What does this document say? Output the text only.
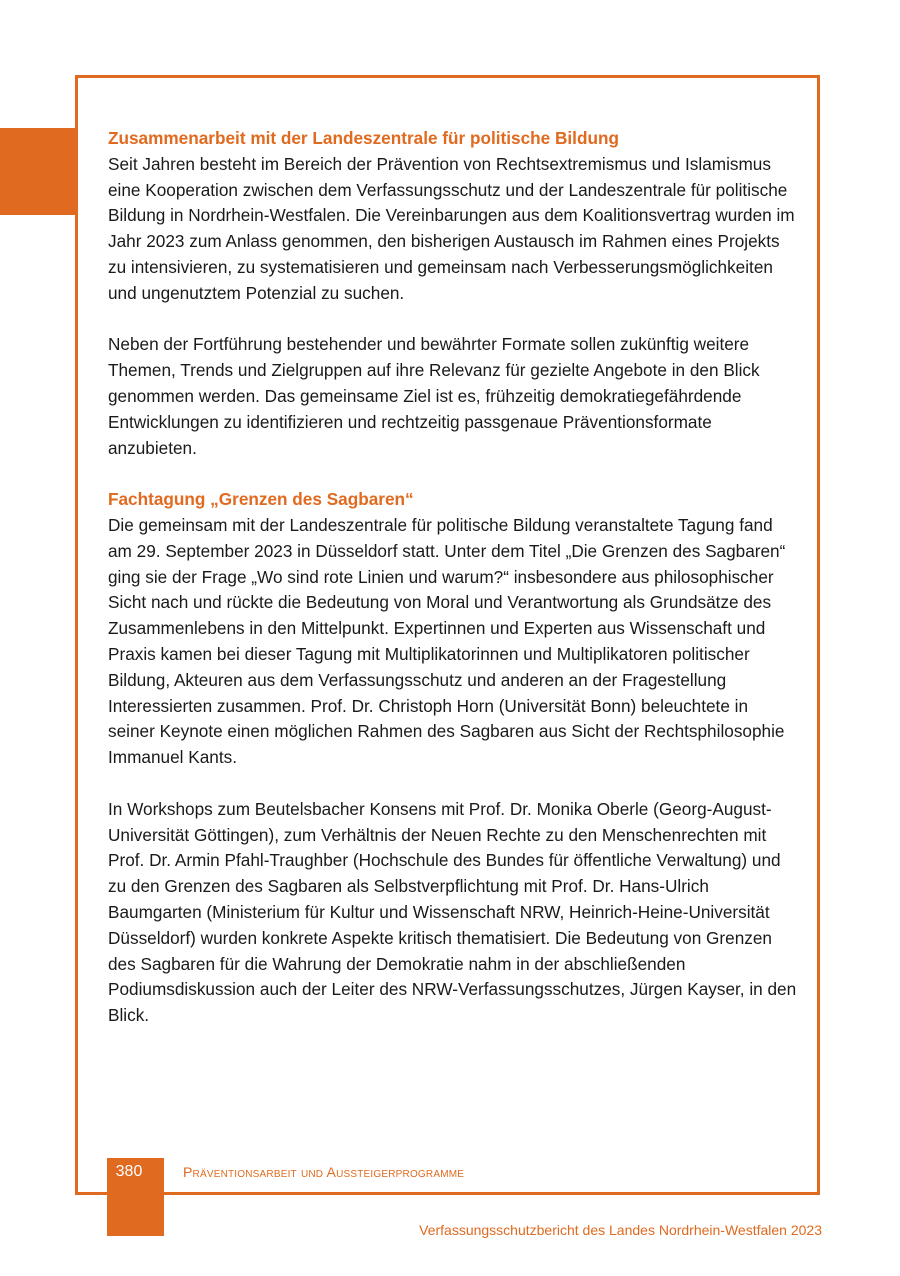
Zusammenarbeit mit der Landeszentrale für politische Bildung

Seit Jahren besteht im Bereich der Prävention von Rechtsextremismus und Islamismus eine Kooperation zwischen dem Verfassungsschutz und der Landeszentrale für politische Bildung in Nordrhein-Westfalen. Die Vereinbarungen aus dem Koalitionsvertrag wurden im Jahr 2023 zum Anlass genommen, den bisherigen Austausch im Rahmen eines Projekts zu intensivieren, zu systematisieren und gemeinsam nach Verbesserungsmöglichkeiten und ungenutztem Potenzial zu suchen.

Neben der Fortführung bestehender und bewährter Formate sollen zukünftig weitere Themen, Trends und Zielgruppen auf ihre Relevanz für gezielte Angebote in den Blick genommen werden. Das gemeinsame Ziel ist es, frühzeitig demokratiegefährdende Entwicklungen zu identifizieren und rechtzeitig passgenaue Präventionsformate anzubieten.

Fachtagung „Grenzen des Sagbaren“

Die gemeinsam mit der Landeszentrale für politische Bildung veranstaltete Tagung fand am 29. September 2023 in Düsseldorf statt. Unter dem Titel „Die Grenzen des Sagbaren“ ging sie der Frage „Wo sind rote Linien und warum?“ insbesondere aus philosophischer Sicht nach und rückte die Bedeutung von Moral und Verantwortung als Grundsätze des Zusammenlebens in den Mittelpunkt. Expertinnen und Experten aus Wissenschaft und Praxis kamen bei dieser Tagung mit Multiplikatorinnen und Multiplikatoren politischer Bildung, Akteuren aus dem Verfassungsschutz und anderen an der Fragestellung Interessierten zusammen. Prof. Dr. Christoph Horn (Universität Bonn) beleuchtete in seiner Keynote einen möglichen Rahmen des Sagbaren aus Sicht der Rechtsphilosophie Immanuel Kants.

In Workshops zum Beutelsbacher Konsens mit Prof. Dr. Monika Oberle (Georg-August-Universität Göttingen), zum Verhältnis der Neuen Rechte zu den Menschenrechten mit Prof. Dr. Armin Pfahl-Traughber (Hochschule des Bundes für öffentliche Verwaltung) und zu den Grenzen des Sagbaren als Selbstverpflichtung mit Prof. Dr. Hans-Ulrich Baumgarten (Ministerium für Kultur und Wissenschaft NRW, Heinrich-Heine-Universität Düsseldorf) wurden konkrete Aspekte kritisch thematisiert. Die Bedeutung von Grenzen des Sagbaren für die Wahrung der Demokratie nahm in der abschließenden Podiumsdiskussion auch der Leiter des NRW-Verfassungsschutzes, Jürgen Kayser, in den Blick.

380	Präventionsarbeit und Aussteigerprogramme
Verfassungsschutzbericht des Landes Nordrhein-Westfalen 2023
